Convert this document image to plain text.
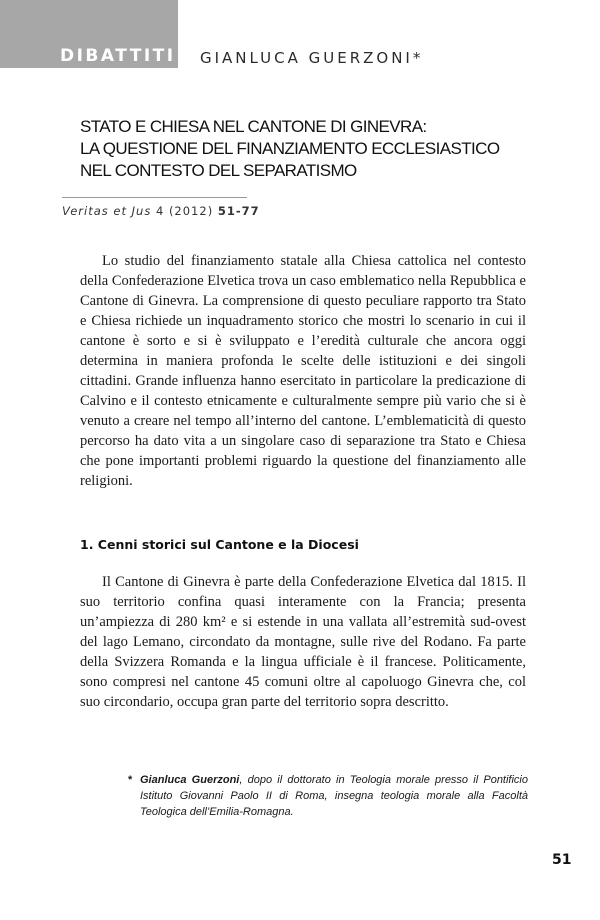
DIBATTITI GIANLUCA GUERZONI*
STATO E CHIESA NEL CANTONE DI GINEVRA:
LA QUESTIONE DEL FINANZIAMENTO ECCLESIASTICO
NEL CONTESTO DEL SEPARATISMO
Veritas et Jus 4 (2012) 51-77

Lo studio del finanziamento statale alla Chiesa cattolica nel contesto della Confederazione Elvetica trova un caso emblematico nella Repubblica e Cantone di Ginevra. La comprensione di questo peculiare rapporto tra Stato e Chiesa richiede un inquadramento storico che mostri lo scenario in cui il cantone è sorto e si è sviluppato e l’eredità culturale che ancora oggi determina in maniera profonda le scelte delle istituzioni e dei singoli cittadini. Grande influenza hanno esercitato in particolare la predicazione di Calvino e il contesto etnicamente e culturalmente sempre più vario che si è venuto a creare nel tempo all’interno del cantone. L’emblematicità di questo percorso ha dato vita a un singolare caso di separazione tra Stato e Chiesa che pone importanti problemi riguardo la questione del finanziamento alle religioni.

1. Cenni storici sul Cantone e la Diocesi

Il Cantone di Ginevra è parte della Confederazione Elvetica dal 1815. Il suo territorio confina quasi interamente con la Francia; presenta un’ampiezza di 280 km² e si estende in una vallata all’estremità sud-ovest del lago Lemano, circondato da montagne, sulle rive del Rodano. Fa parte della Svizzera Romanda e la lingua ufficiale è il francese. Politicamente, sono compresi nel cantone 45 comuni oltre al capoluogo Ginevra che, col suo circondario, occupa gran parte del territorio sopra descritto.

* Gianluca Guerzoni, dopo il dottorato in Teologia morale presso il Pontificio Istituto Giovanni Paolo II di Roma, insegna teologia morale alla Facoltà Teologica dell’Emilia-Romagna.
51
